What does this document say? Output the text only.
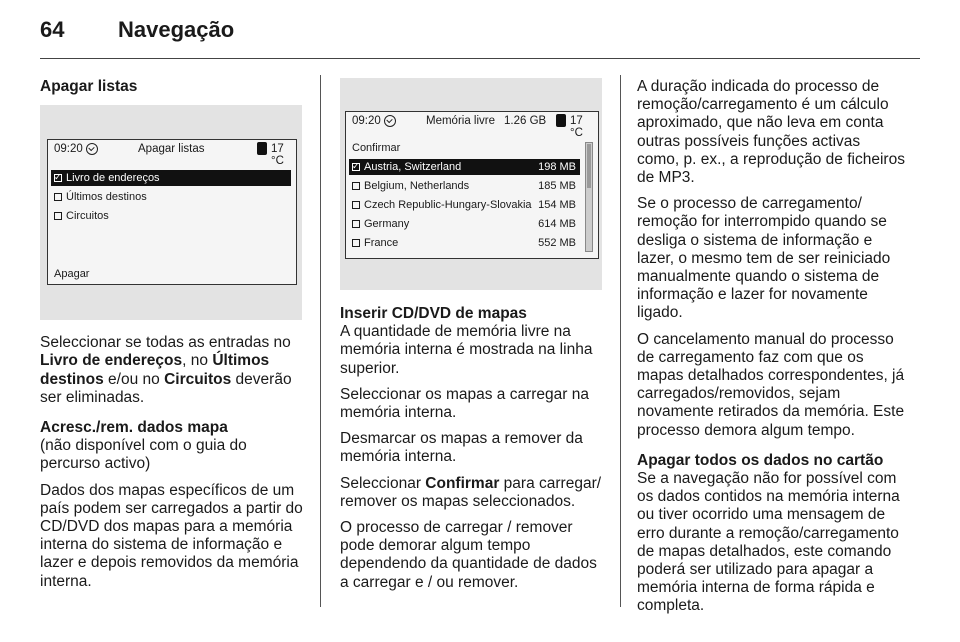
64 Navegação

Apagar listas

09:20	Apagar listas	17 °C
✓
Livro de endereços
Últimos destinos
Circuitos
Apagar

Seleccionar se todas as entradas no Livro de endereços, no Últimos destinos e/ou no Circuitos deverão ser eliminadas.

Acresc./rem. dados mapa

(não disponível com o guia do percurso activo)

Dados dos mapas específicos de um país podem ser carregados a partir do CD/DVD dos mapas para a memória interna do sistema de informação e lazer e depois removidos da memória interna.

09:20	Memória livre 1.26 GB 17 °C
Confirmar
✓
Austria, Switzerland	198 MB
Belgium, Netherlands	185 MB
Czech Republic-Hungary-Slovakia 154 MB
Germany	614 MB
France	552 MB

Inserir CD/DVD de mapas

A quantidade de memória livre na memória interna é mostrada na linha superior.

Seleccionar os mapas a carregar na memória interna.

Desmarcar os mapas a remover da memória interna.

Seleccionar Confirmar para carregar/ remover os mapas seleccionados.

O processo de carregar / remover pode demorar algum tempo dependendo da quantidade de dados a carregar e / ou remover.

A duração indicada do processo de remoção/carregamento é um cálculo aproximado, que não leva em conta outras possíveis funções activas como, p. ex., a reprodução de ficheiros de MP3.

Se o processo de carregamento/ remoção for interrompido quando se desliga o sistema de informação e lazer, o mesmo tem de ser reiniciado manualmente quando o sistema de informação e lazer for novamente ligado.

O cancelamento manual do processo de carregamento faz com que os mapas detalhados correspondentes, já carregados/removidos, sejam novamente retirados da memória. Este processo demora algum tempo.

Apagar todos os dados no cartão

Se a navegação não for possível com os dados contidos na memória interna ou tiver ocorrido uma mensagem de erro durante a remoção/carregamento de mapas detalhados, este comando poderá ser utilizado para apagar a memória interna de forma rápida e completa.
